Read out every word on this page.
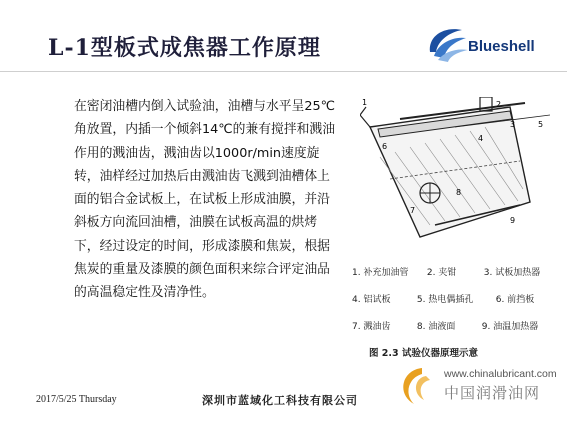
L-1型板式成焦器工作原理	Blueshell
在密闭油槽内倒入试验油，油槽与水平呈25℃角放置，内插一个倾斜14℃的兼有搅拌和溅油作用的溅油齿，溅油齿以1000r/min速度旋转，油样经过加热后由溅油齿飞溅到油槽体上面的铝合金试板上，在试板上形成油膜，并沿斜板方向流回油槽，油膜在试板高温的烘烤下，经过设定的时间，形成漆膜和焦炭，根据焦炭的重量及漆膜的颜色面积来综合评定油品的高温稳定性及清净性。
1	2
3
4
5
6
7
8
9
1. 补充加油管 2. 夹钳	3. 试板加热器
4. 铝试板	5. 热电偶插孔 6. 前挡板
7. 溅油齿	8. 油液面	9. 油温加热器
图 2.3 试验仪器原理示意
2017/5/25 Thursday	深圳市蓝域化工科技有限公司
www.chinalubricant.com
中国润滑油网
